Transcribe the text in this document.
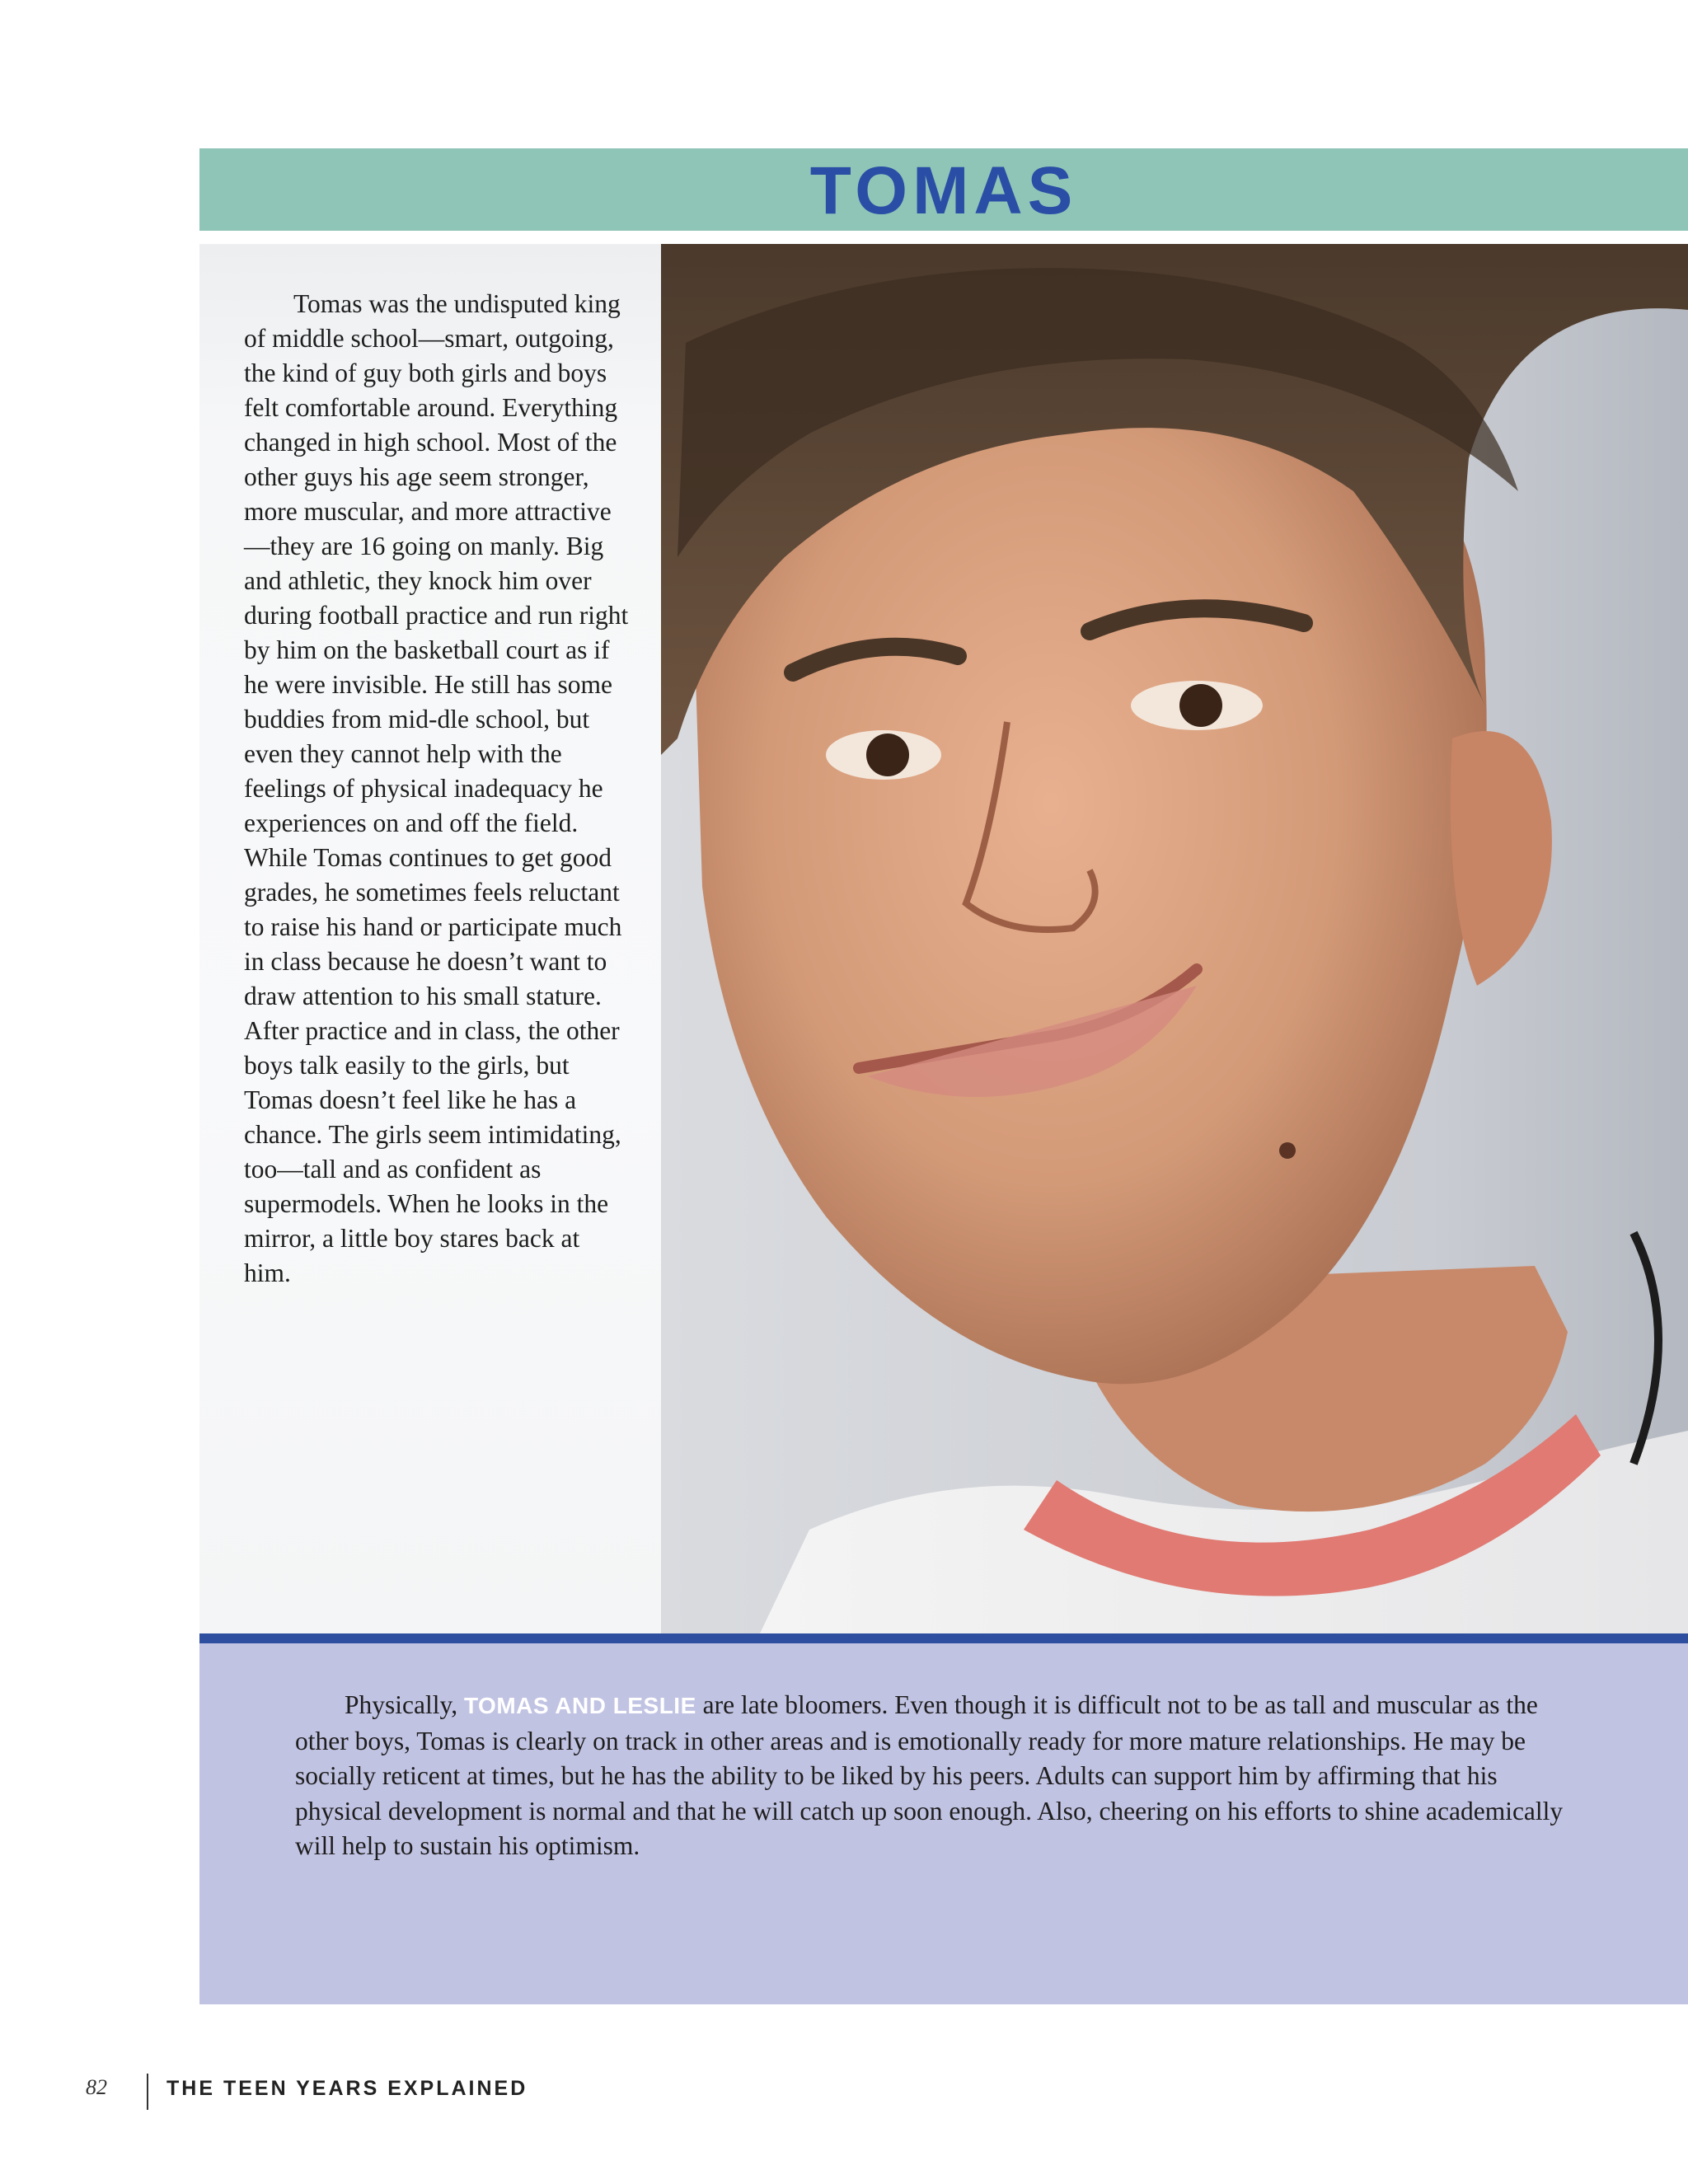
TOMAS

Tomas was the undisputed king of middle school—smart, outgoing, the kind of guy both girls and boys felt comfortable around. Everything changed in high school. Most of the other guys his age seem stronger, more muscular, and more attractive—they are 16 going on manly. Big and athletic, they knock him over during football practice and run right by him on the basketball court as if he were invisible. He still has some buddies from mid-dle school, but even they cannot help with the feelings of physical inadequacy he experiences on and off the field. While Tomas continues to get good grades, he sometimes feels reluctant to raise his hand or participate much in class because he doesn’t want to draw attention to his small stature. After practice and in class, the other boys talk easily to the girls, but Tomas doesn’t feel like he has a chance. The girls seem intimidating, too—tall and as confident as supermodels. When he looks in the mirror, a little boy stares back at him.

Physically, TOMAS AND LESLIE are late bloomers. Even though it is difficult not to be as tall and muscular as the other boys, Tomas is clearly on track in other areas and is emotionally ready for more mature relationships. He may be socially reticent at times, but he has the ability to be liked by his peers. Adults can support him by affirming that his physical development is normal and that he will catch up soon enough. Also, cheering on his efforts to shine academically will help to sustain his optimism.

82	THE TEEN YEARS EXPLAINED
